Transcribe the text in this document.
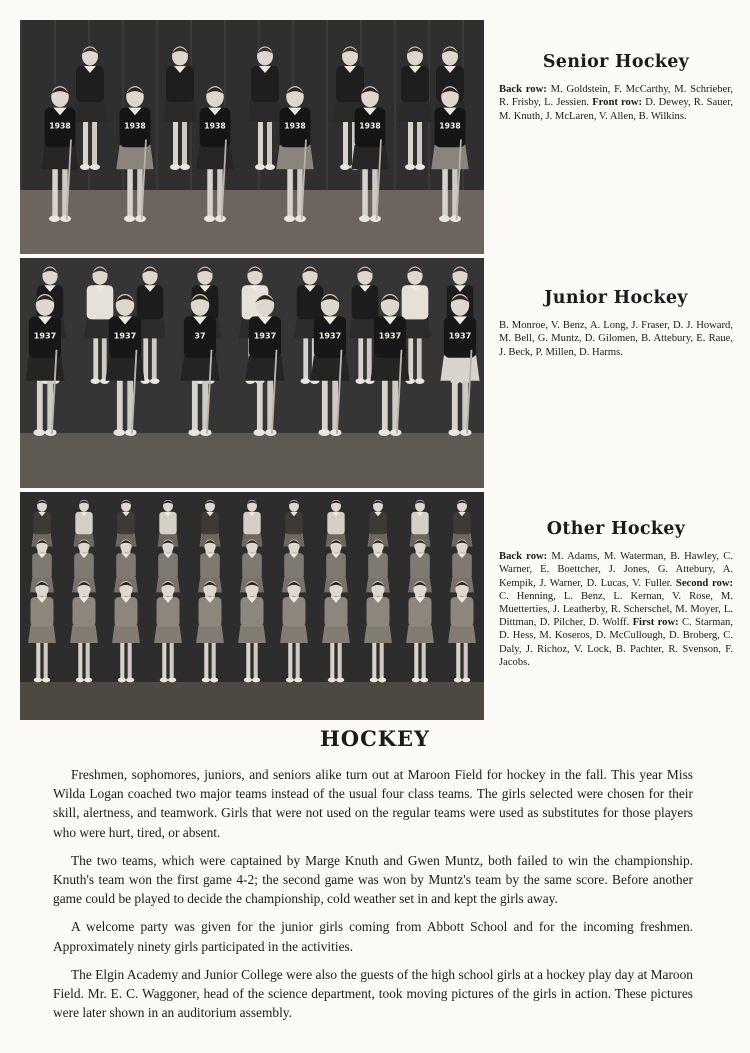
1938	1938	1938	1938	1938	1938
1937	1937	37	1937	1937	1937	1937
Senior Hockey

Back row: M. Goldstein, F. McCarthy, M. Schrieber, R. Frisby, L. Jessien. Front row: D. Dewey, R. Sauer, M. Knuth, J. McLaren, V. Allen, B. Wilkins.

Junior Hockey

B. Monroe, V. Benz, A. Long, J. Fraser, D. J. Howard, M. Bell, G. Muntz, D. Gilomen, B. Attebury, E. Raue, J. Beck, P. Millen, D. Harms.

Other Hockey

Back row: M. Adams, M. Waterman, B. Hawley, C. Warner, E. Boettcher, J. Jones, G. Attebury, A. Kempik, J. Warner, D. Lucas, V. Fuller. Second row: C. Henning, L. Benz, L. Kernan, V. Rose, M. Muetterties, J. Leatherby, R. Scherschel, M. Moyer, L. Dittman, D. Pilcher, D. Wolff. First row: C. Starman, D. Hess, M. Koseros, D. McCullough, D. Broberg, C. Daly, J. Richoz, V. Lock, B. Pachter, R. Svenson, F. Jacobs.

HOCKEY

Freshmen, sophomores, juniors, and seniors alike turn out at Maroon Field for hockey in the fall. This year Miss Wilda Logan coached two major teams instead of the usual four class teams. The girls selected were chosen for their skill, alertness, and teamwork. Girls that were not used on the regular teams were used as substitutes for those players who were hurt, tired, or absent.

The two teams, which were captained by Marge Knuth and Gwen Muntz, both failed to win the championship. Knuth's team won the first game 4-2; the second game was won by Muntz's team by the same score. Before another game could be played to decide the championship, cold weather set in and kept the girls away.

A welcome party was given for the junior girls coming from Abbott School and for the incoming freshmen. Approximately ninety girls participated in the activities.

The Elgin Academy and Junior College were also the guests of the high school girls at a hockey play day at Maroon Field. Mr. E. C. Waggoner, head of the science department, took moving pictures of the girls in action. These pictures were later shown in an auditorium assembly.
